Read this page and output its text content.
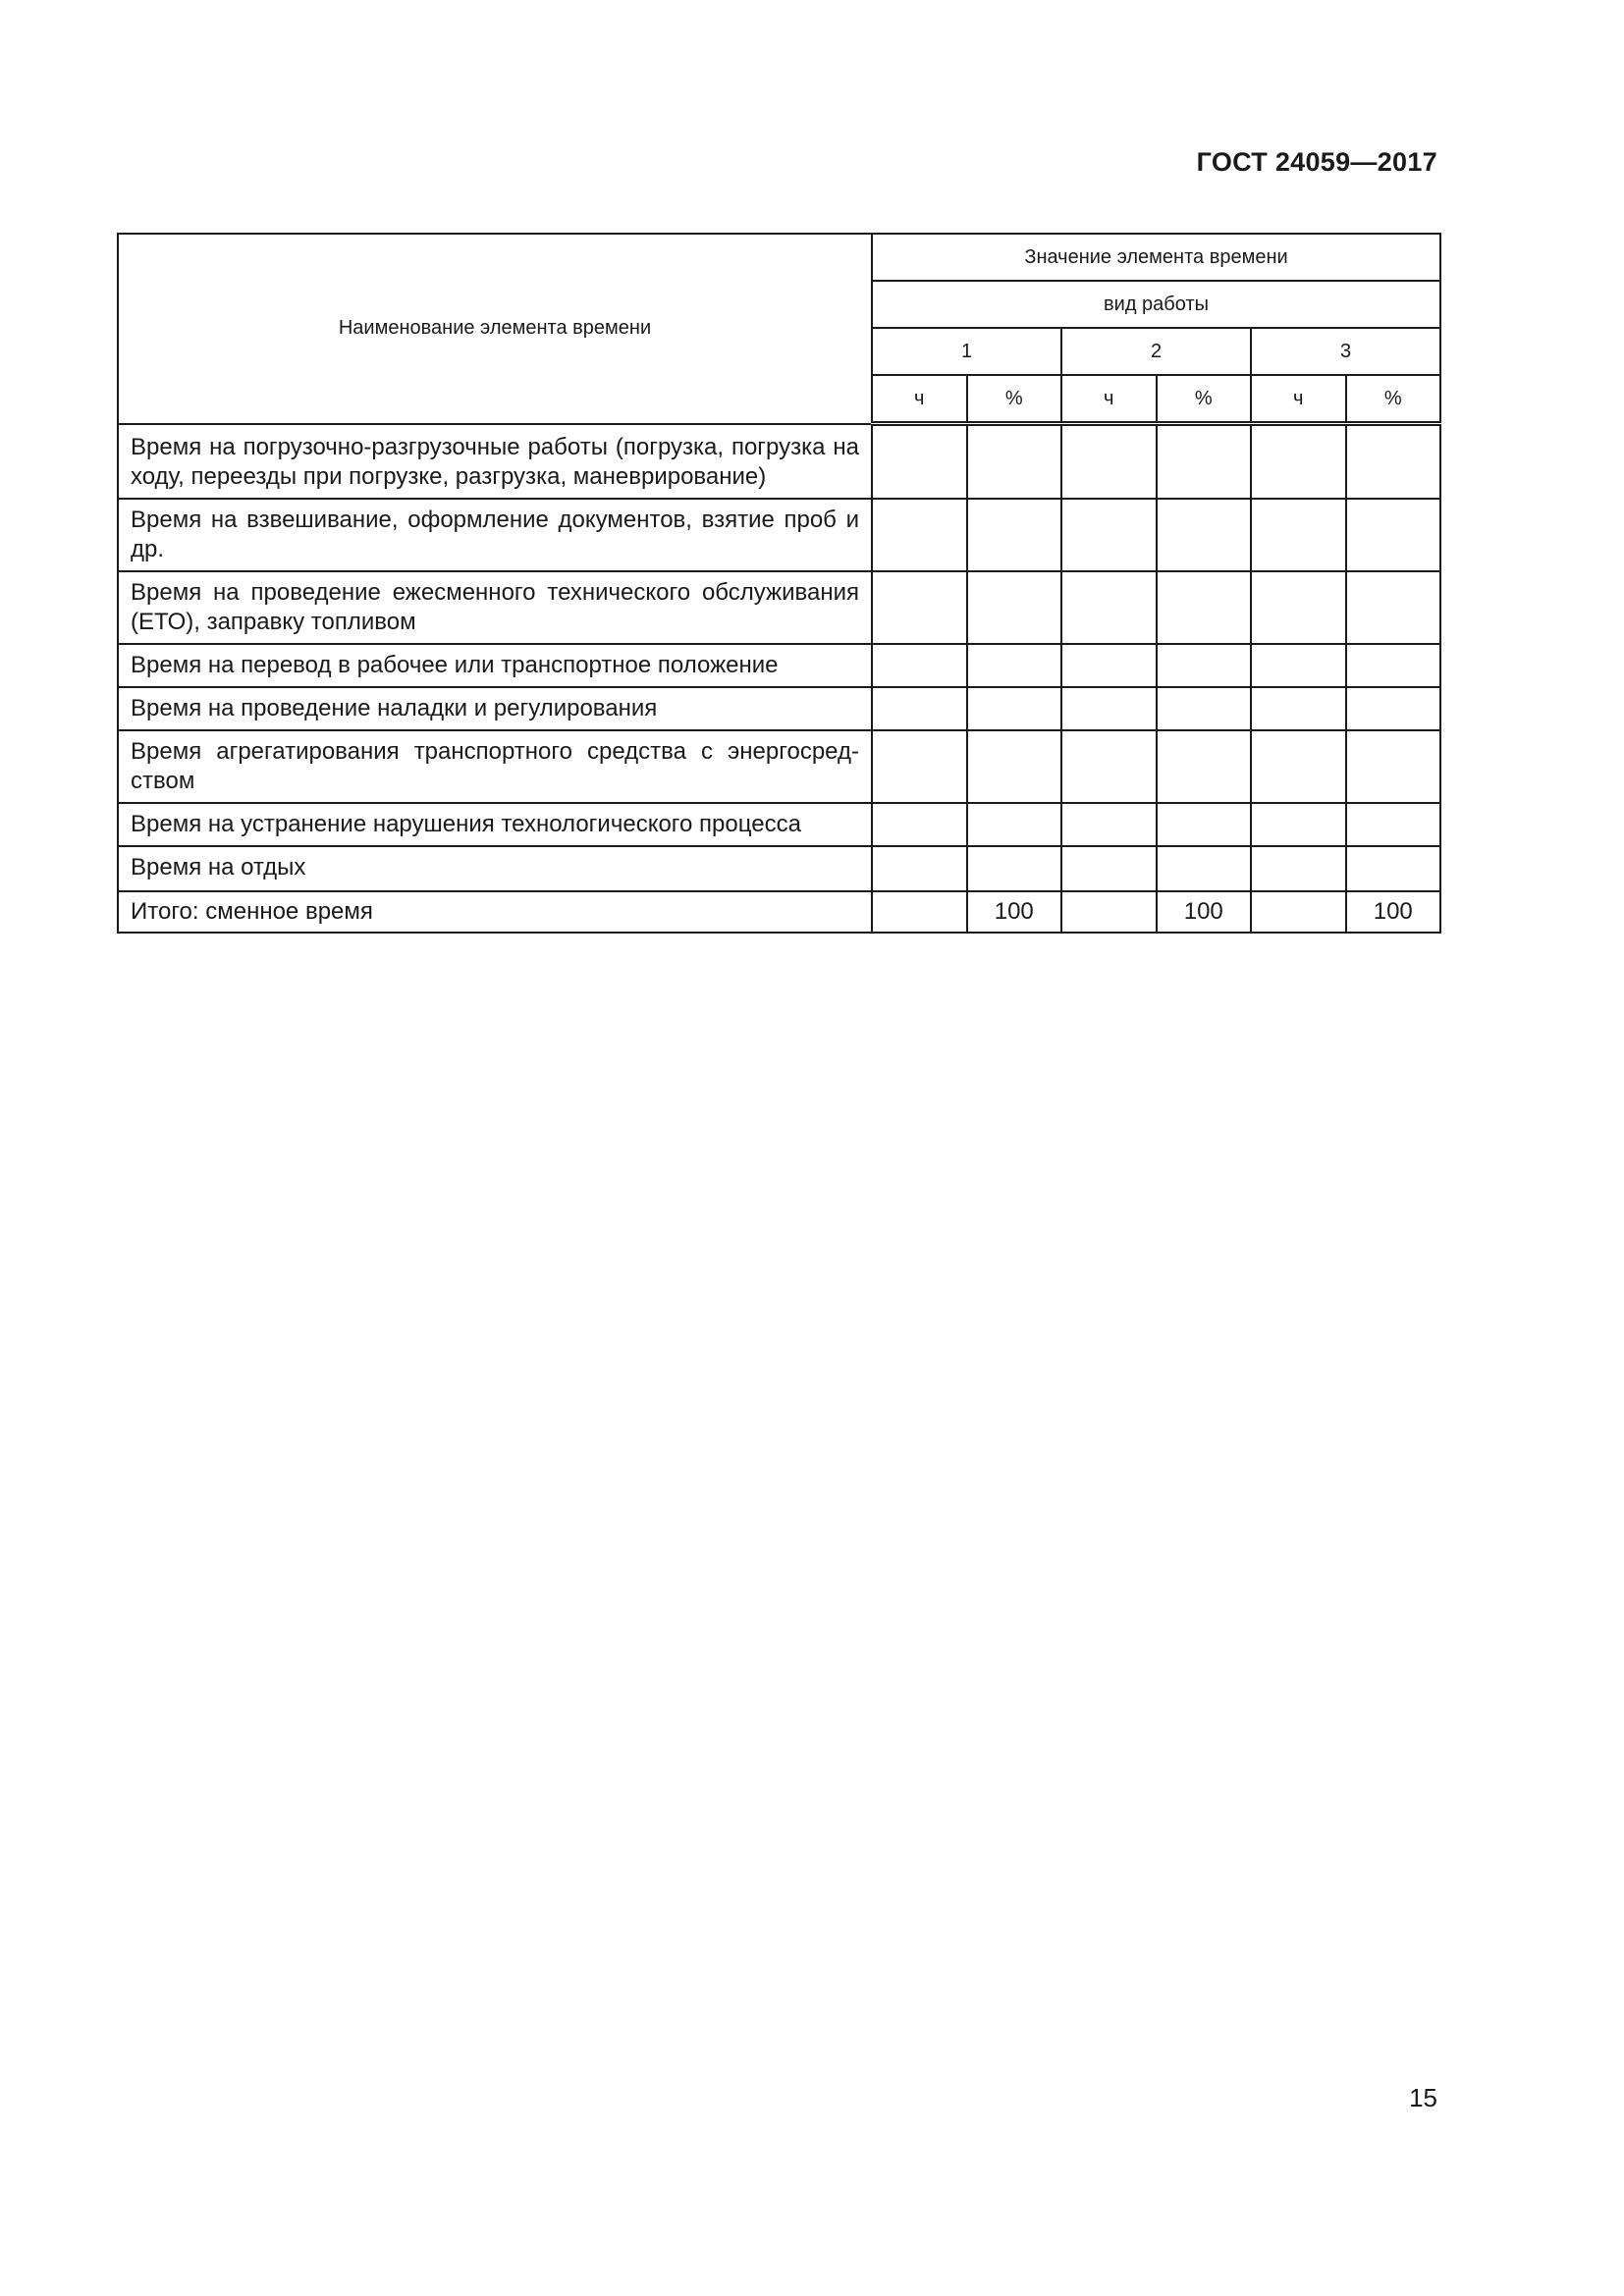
ГОСТ 24059—2017
Наименование элемента времени	Значение элемента времени					
	вид работы					
	1		2		3	
	ч	%	ч	%	ч	%
Время на погрузочно-разгрузочные работы (погрузка, погрузка на ходу, переезды при погрузке, разгрузка, маневрирование)						
Время на взвешивание, оформление документов, взятие проб и др.						
Время на проведение ежесменного технического обслуживания (ЕТО), заправку топливом						
Время на перевод в рабочее или транспортное положение						
Время на проведение наладки и регулирования						
Время агрегатирования транспортного средства с энергосредством						
Время на устранение нарушения технологического процесса						
Время на отдых						
Итого: сменное время		100		100		100
15
